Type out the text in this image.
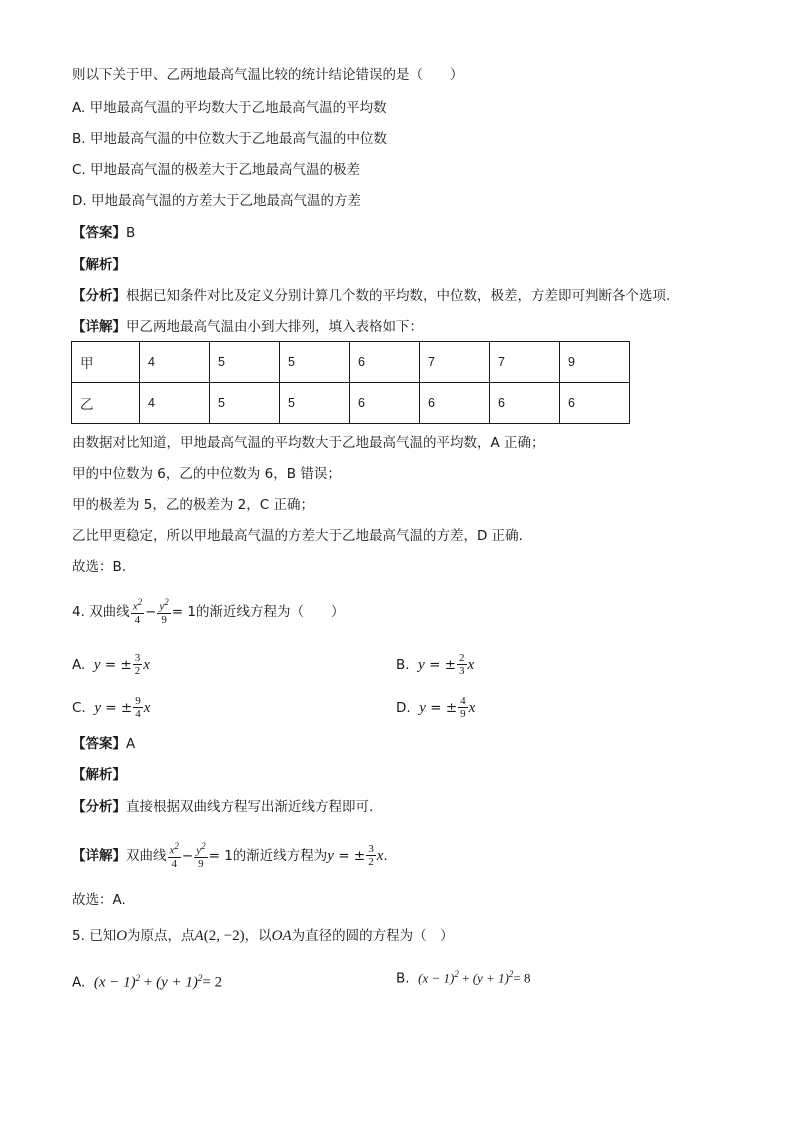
则以下关于甲、乙两地最高气温比较的统计结论错误的是（　　）
A. 甲地最高气温的平均数大于乙地最高气温的平均数
B. 甲地最高气温的中位数大于乙地最高气温的中位数
C. 甲地最高气温的极差大于乙地最高气温的极差
D. 甲地最高气温的方差大于乙地最高气温的方差
【答案】B
【解析】
【分析】根据已知条件对比及定义分别计算几个数的平均数，中位数，极差，方差即可判断各个选项.
【详解】甲乙两地最高气温由小到大排列，填入表格如下：
甲	4	5	5	6	7	7	9
乙	4	5	5	6	6	6	6
由数据对比知道，甲地最高气温的平均数大于乙地最高气温的平均数，A 正确；
甲的中位数为 6，乙的中位数为 6，B 错误；
甲的极差为 5，乙的极差为 2，C 正确；
乙比甲更稳定，所以甲地最高气温的方差大于乙地最高气温的方差，D 正确.
故选：B.
4. 双曲线 $\frac{x^2}{4} - \frac{y^2}{9} = 1$的渐近线方程为（　　）
A. y = ± $\frac{3}{2}$ x	B. y = ± $\frac{2}{3}$ x
C. y = ± $\frac{9}{4}$ x	D. y = ± $\frac{4}{9}$ x
【答案】A
【解析】
【分析】直接根据双曲线方程写出渐近线方程即可.
【详解】双曲线 $\frac{x^2}{4} - \frac{y^2}{9} = 1$的渐近线方程为y = ± $\frac{3}{2} x$.
故选：A.
5. 已知O为原点，点A(2, −2)，以OA为直径的圆的方程为（　）
A. $(x - 1)^2 + (y + 1)^2= 2$	B. $(x - 1)^2 + (y + 1)^2= 8$
